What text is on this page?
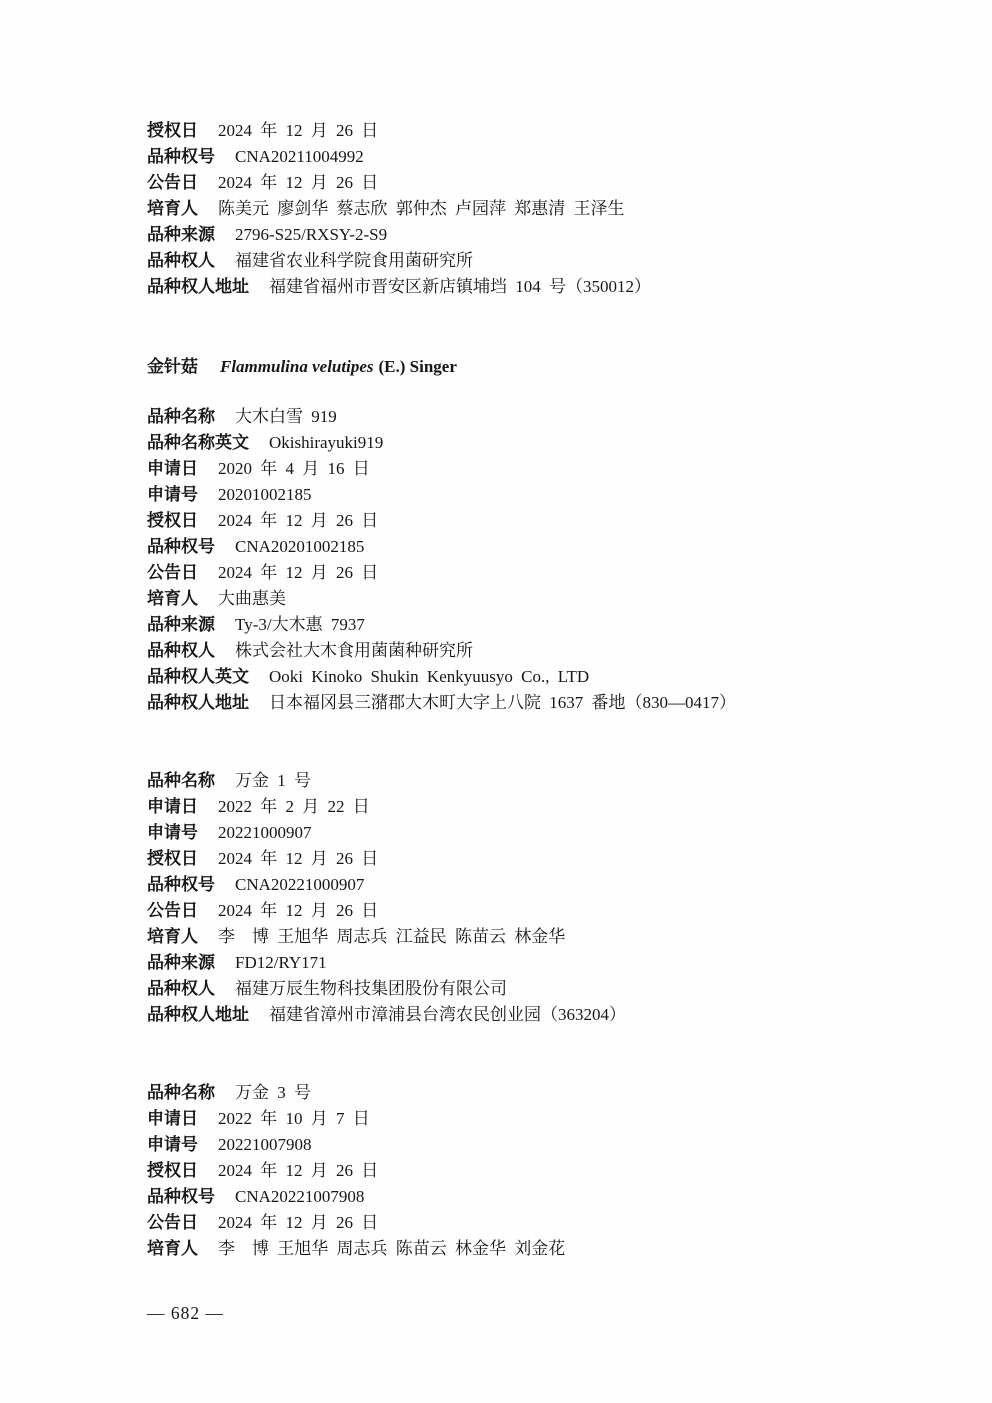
授权日 2024 年 12 月 26 日
品种权号 CNA20211004992
公告日 2024 年 12 月 26 日
培育人 陈美元 廖剑华 蔡志欣 郭仲杰 卢园萍 郑惠清 王泽生
品种来源 2796-S25/RXSY-2-S9
品种权人 福建省农业科学院食用菌研究所
品种权人地址 福建省福州市晋安区新店镇埔垱 104 号（350012）
金针菇 Flammulina velutipes (E.) Singer
品种名称 大木白雪 919
品种名称英文 Okishirayuki919
申请日 2020 年 4 月 16 日
申请号 20201002185
授权日 2024 年 12 月 26 日
品种权号 CNA20201002185
公告日 2024 年 12 月 26 日
培育人 大曲惠美
品种来源 Ty-3/大木惠 7937
品种权人 株式会社大木食用菌菌种研究所
品种权人英文 Ooki Kinoko Shukin Kenkyuusyo Co., LTD
品种权人地址 日本福冈县三潴郡大木町大字上八院 1637 番地（830—0417）
品种名称 万金 1 号
申请日 2022 年 2 月 22 日
申请号 20221000907
授权日 2024 年 12 月 26 日
品种权号 CNA20221000907
公告日 2024 年 12 月 26 日
培育人 李　博 王旭华 周志兵 江益民 陈苗云 林金华
品种来源 FD12/RY171
品种权人 福建万辰生物科技集团股份有限公司
品种权人地址 福建省漳州市漳浦县台湾农民创业园（363204）
品种名称 万金 3 号
申请日 2022 年 10 月 7 日
申请号 20221007908
授权日 2024 年 12 月 26 日
品种权号 CNA20221007908
公告日 2024 年 12 月 26 日
培育人 李　博 王旭华 周志兵 陈苗云 林金华 刘金花
— 682 —
